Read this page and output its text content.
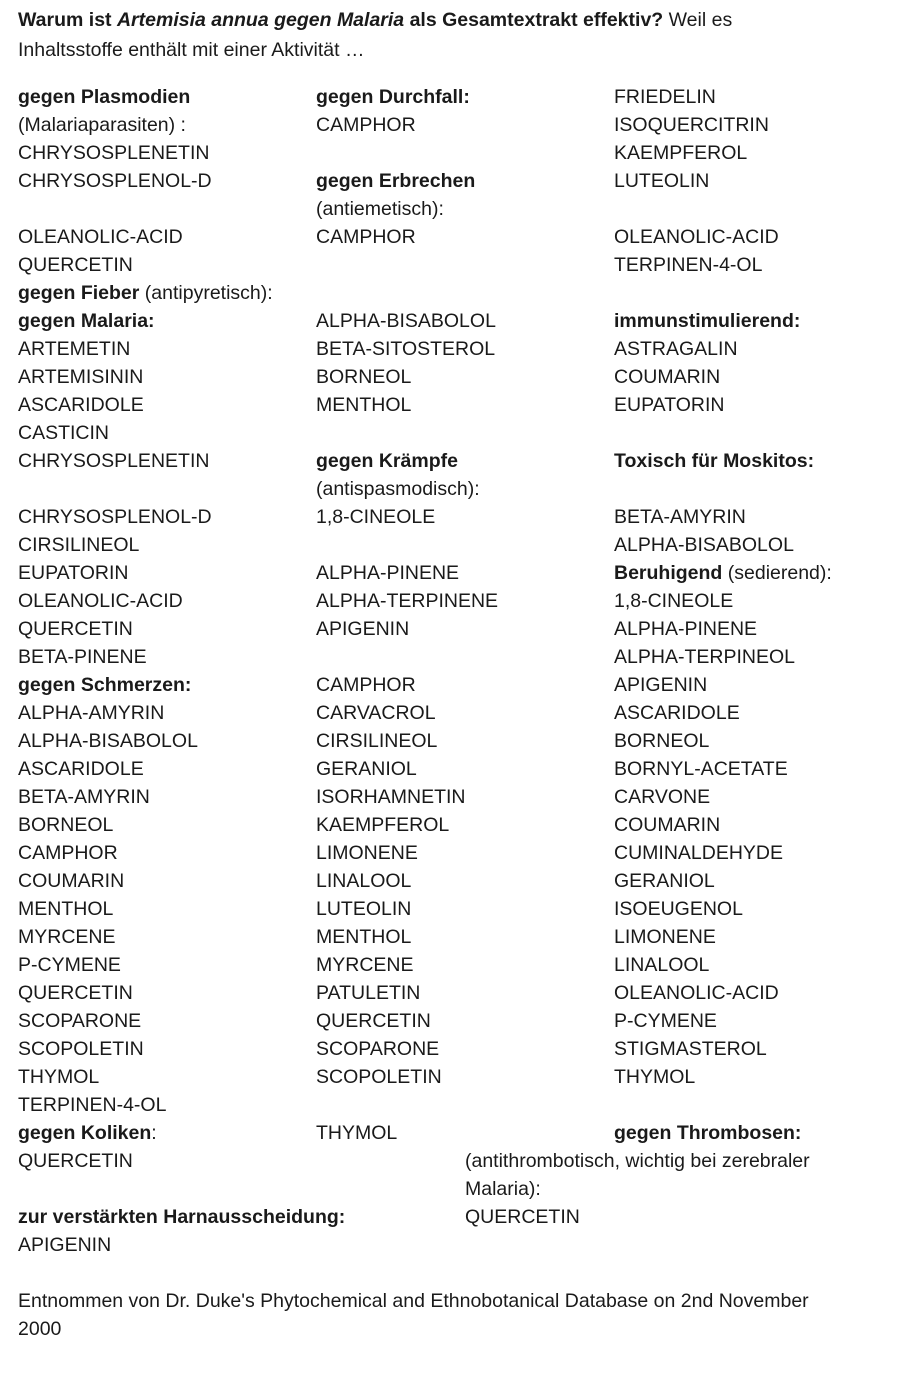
Warum ist Artemisia annua gegen Malaria als Gesamtextrakt effektiv? Weil es
Inhaltsstoffe enthält mit einer Aktivität …
gegen Plasmodien
(Malariaparasiten) :
CHRYSOSPLENETIN
CHRYSOSPLENOL-D
OLEANOLIC-ACID
QUERCETIN
gegen Fieber (antipyretisch):
gegen Malaria:
ARTEMETIN
ARTEMISININ
ASCARIDOLE
CASTICIN
CHRYSOSPLENETIN
CHRYSOSPLENOL-D
CIRSILINEOL
EUPATORIN
OLEANOLIC-ACID
QUERCETIN
BETA-PINENE
gegen Schmerzen:
ALPHA-AMYRIN
ALPHA-BISABOLOL
ASCARIDOLE
BETA-AMYRIN
BORNEOL
CAMPHOR
COUMARIN
MENTHOL
MYRCENE
P-CYMENE
QUERCETIN
SCOPARONE
SCOPOLETIN
THYMOL
TERPINEN-4-OL
gegen Koliken:
QUERCETIN
zur verstärkten Harnausscheidung:
APIGENIN
gegen Durchfall:
CAMPHOR
gegen Erbrechen
(antiemetisch):
CAMPHOR
ALPHA-BISABOLOL
BETA-SITOSTEROL
BORNEOL
MENTHOL
gegen Krämpfe
(antispasmodisch):
1,8-CINEOLE
ALPHA-PINENE
ALPHA-TERPINENE
APIGENIN
CAMPHOR
CARVACROL
CIRSILINEOL
GERANIOL
ISORHAMNETIN
KAEMPFEROL
LIMONENE
LINALOOL
LUTEOLIN
MENTHOL
MYRCENE
PATULETIN
QUERCETIN
SCOPARONE
SCOPOLETIN
THYMOL
FRIEDELIN
ISOQUERCITRIN
KAEMPFEROL
LUTEOLIN
OLEANOLIC-ACID
TERPINEN-4-OL
immunstimulierend:
ASTRAGALIN
COUMARIN
EUPATORIN
Toxisch für Moskitos:
BETA-AMYRIN
ALPHA-BISABOLOL
Beruhigend (sedierend):
1,8-CINEOLE
ALPHA-PINENE
ALPHA-TERPINEOL
APIGENIN
ASCARIDOLE
BORNEOL
BORNYL-ACETATE
CARVONE
COUMARIN
CUMINALDEHYDE
GERANIOL
ISOEUGENOL
LIMONENE
LINALOOL
OLEANOLIC-ACID
P-CYMENE
STIGMASTEROL
THYMOL
gegen Thrombosen:
(antithrombotisch, wichtig bei zerebraler
Malaria):
QUERCETIN
Entnommen von Dr. Duke's Phytochemical and Ethnobotanical Database on 2nd November
2000
